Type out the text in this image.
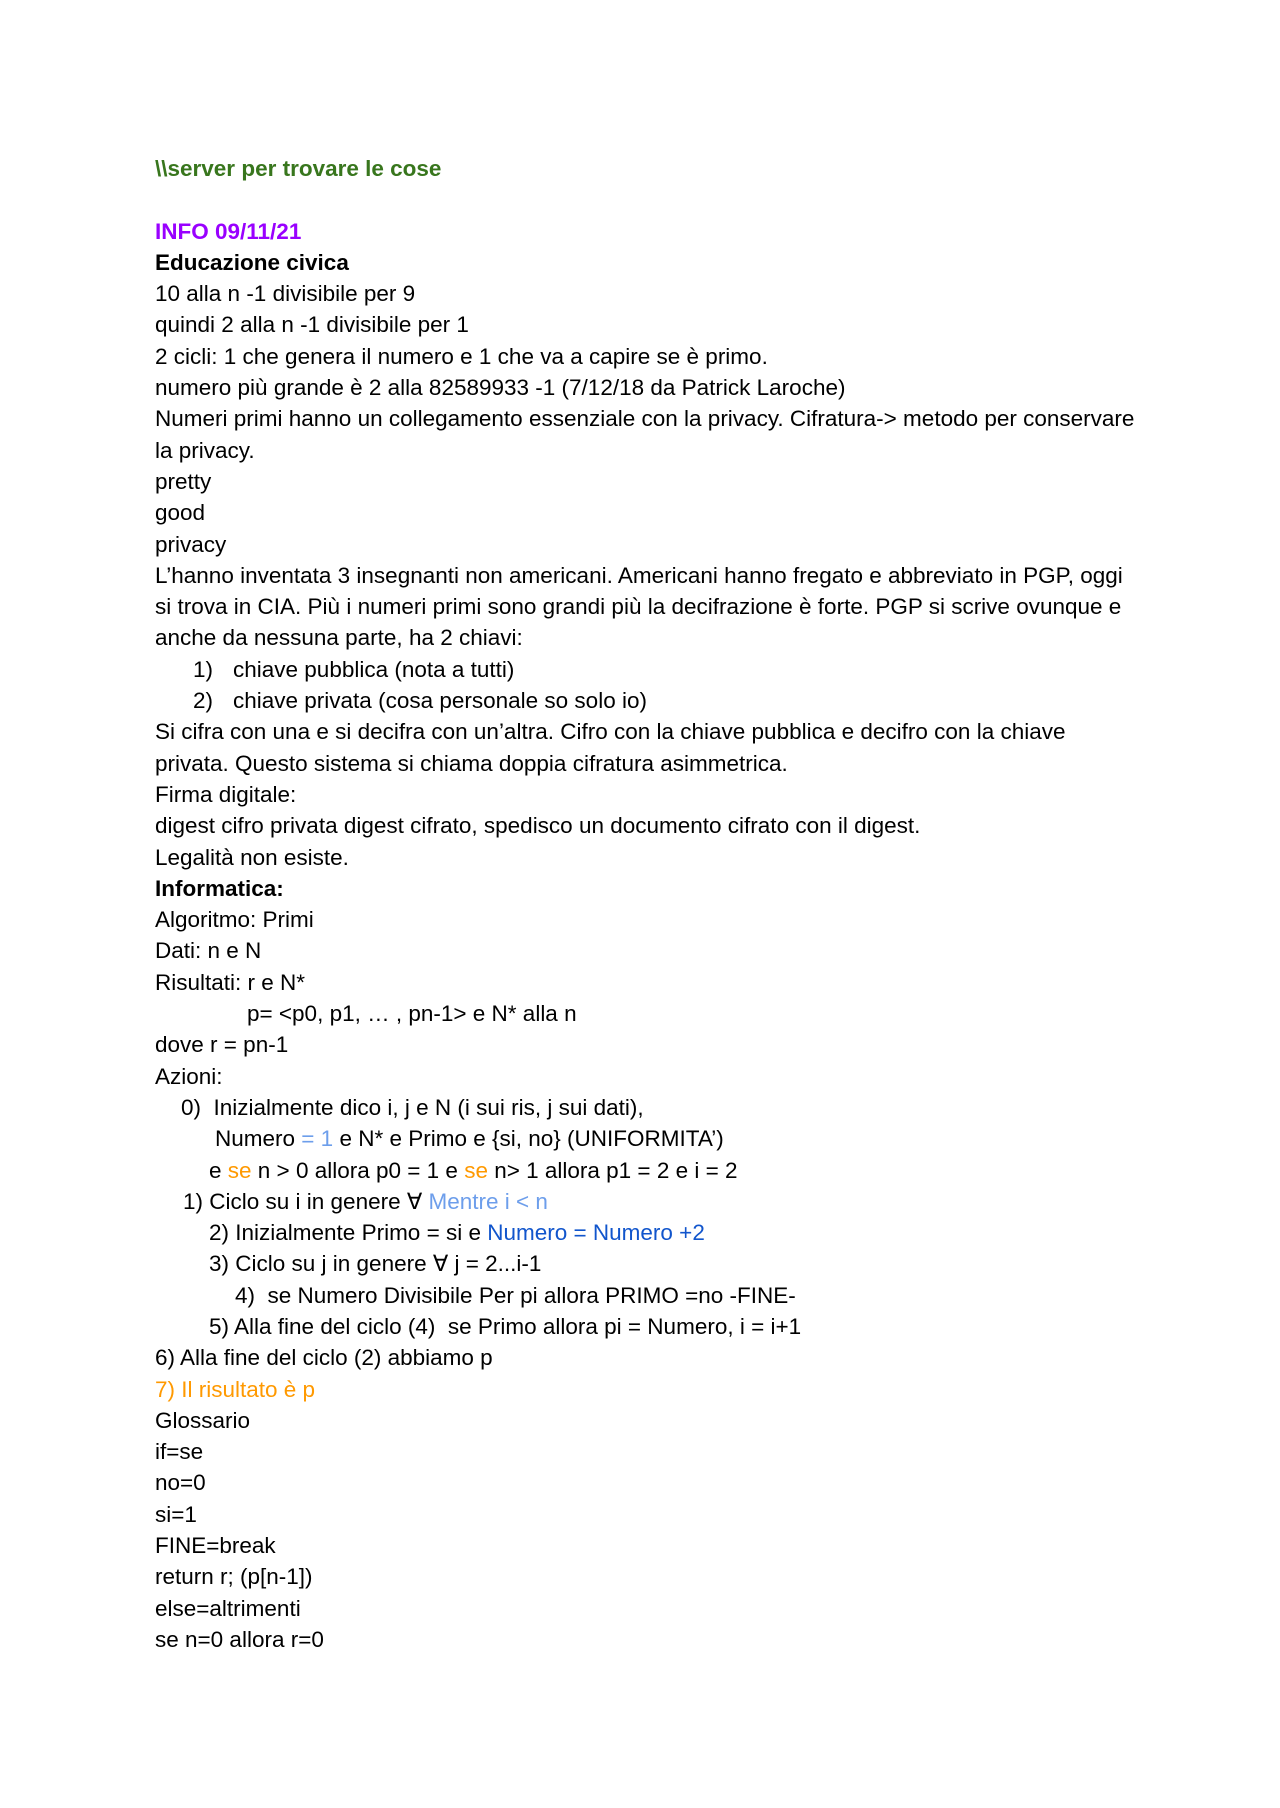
\\server per trovare le cose
INFO 09/11/21
Educazione civica
10 alla n -1 divisibile per 9
quindi 2 alla n -1 divisibile per 1
2 cicli: 1 che genera il numero e 1 che va a capire se è primo.
numero più grande è 2 alla 82589933 -1 (7/12/18 da Patrick Laroche)
Numeri primi hanno un collegamento essenziale con la privacy. Cifratura-> metodo per conservare la privacy.
pretty
good
privacy
L’hanno inventata 3 insegnanti non americani. Americani hanno fregato e abbreviato in PGP, oggi si trova in CIA. Più i numeri primi sono grandi più la decifrazione è forte. PGP si scrive ovunque e anche da nessuna parte, ha 2 chiavi:
1) chiave pubblica (nota a tutti)
2) chiave privata (cosa personale so solo io)
Si cifra con una e si decifra con un’altra. Cifro con la chiave pubblica e decifro con la chiave privata. Questo sistema si chiama doppia cifratura asimmetrica.
Firma digitale:
digest cifro privata digest cifrato, spedisco un documento cifrato con il digest.
Legalità non esiste.
Informatica:
Algoritmo: Primi
Dati: n e N
Risultati: r e N*
p= <p0, p1, … , pn-1> e N* alla n
dove r = pn-1
Azioni:
0)  Inizialmente dico i, j e N (i sui ris, j sui dati),
Numero = 1 e N* e Primo e {si, no} (UNIFORMITA’)
e se n > 0 allora p0 = 1 e se n> 1 allora p1 = 2 e i = 2
1) Ciclo su i in genere ∀ Mentre i < n
2) Inizialmente Primo = si e Numero = Numero +2
3) Ciclo su j in genere ∀ j = 2...i-1
4)  se Numero Divisibile Per pi allora PRIMO =no -FINE-
5) Alla fine del ciclo (4)  se Primo allora pi = Numero, i = i+1
6) Alla fine del ciclo (2) abbiamo p
7) Il risultato è p
Glossario
if=se
no=0
si=1
FINE=break
return r; (p[n-1])
else=altrimenti
se n=0 allora r=0
